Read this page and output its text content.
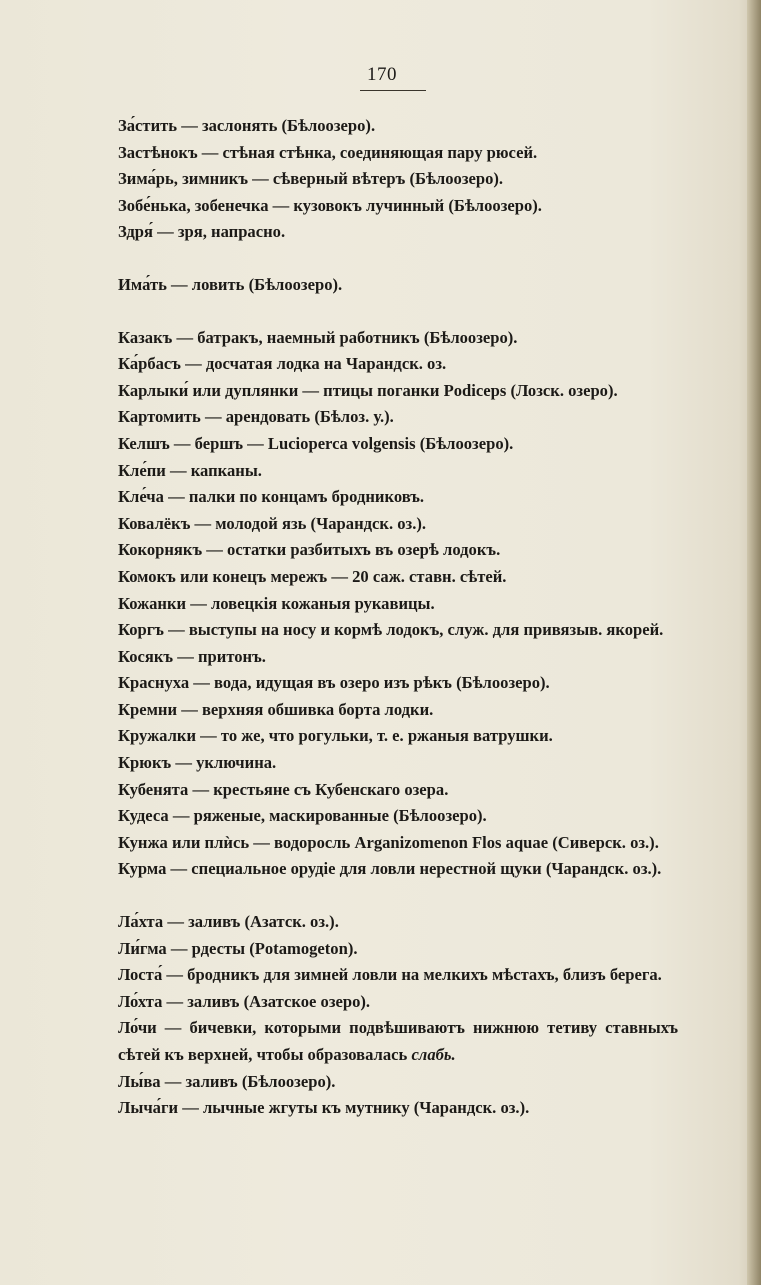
170

За́стить — заслонять (Бѣлоозеро).

Застѣнокъ — стѣная стѣнка, соединяющая пару рюсей.

Зима́рь, зимникъ — сѣверный вѣтеръ (Бѣлоозеро).

Зобе́нька, зобенечка — кузовокъ лучинный (Бѣлоозеро).

Здря́ — зря, напрасно.

Има́ть — ловить (Бѣлоозеро).

Казакъ — батракъ, наемный работникъ (Бѣлоозеро).

Ка́рбасъ — досчатая лодка на Чарандск. оз.

Карлыки́ или дуплянки — птицы поганки Podiceps (Лозск. озеро).

Картомить — арендовать (Бѣлоз. у.).

Келшъ — бершъ — Lucioperca volgensis (Бѣлоозеро).

Кле́пи — капканы.

Кле́ча — палки по концамъ бродниковъ.

Ковалёкъ — молодой язь (Чарандск. оз.).

Кокорнякъ — остатки разбитыхъ въ озерѣ лодокъ.

Комокъ или конецъ мережъ — 20 саж. ставн. сѣтей.

Кожанки — ловецкія кожаныя рукавицы.

Коргъ — выступы на носу и кормѣ лодокъ, служ. для привязыв. якорей.

Косякъ — притонъ.

Краснуха — вода, идущая въ озеро изъ рѣкъ (Бѣлоозеро).

Кремни — верхняя обшивка борта лодки.

Кружалки — то же, что рогульки, т. е. ржаныя ватрушки.

Крюкъ — уключина.

Кубенята — крестьяне съ Кубенскаго озера.

Кудеса — ряженые, маскированные (Бѣлоозеро).

Кунжа или плѝсь — водоросль Arganizomenon Flos aquae (Сиверск. оз.).

Курма — специальное орудіе для ловли нерестной щуки (Чарандск. оз.).

Ла́хта — заливъ (Азатск. оз.).

Ли́гма — рдесты (Potamogeton).

Лоста́ — бродникъ для зимней ловли на мелкихъ мѣстахъ, близъ берега.

Ло́хта — заливъ (Азатское озеро).

Ло́чи — бичевки, которыми подвѣшиваютъ нижнюю тетиву ставныхъ сѣтей къ верхней, чтобы образовалась слабь.

Лы́ва — заливъ (Бѣлоозеро).

Лыча́ги — лычные жгуты къ мутнику (Чарандск. оз.).
